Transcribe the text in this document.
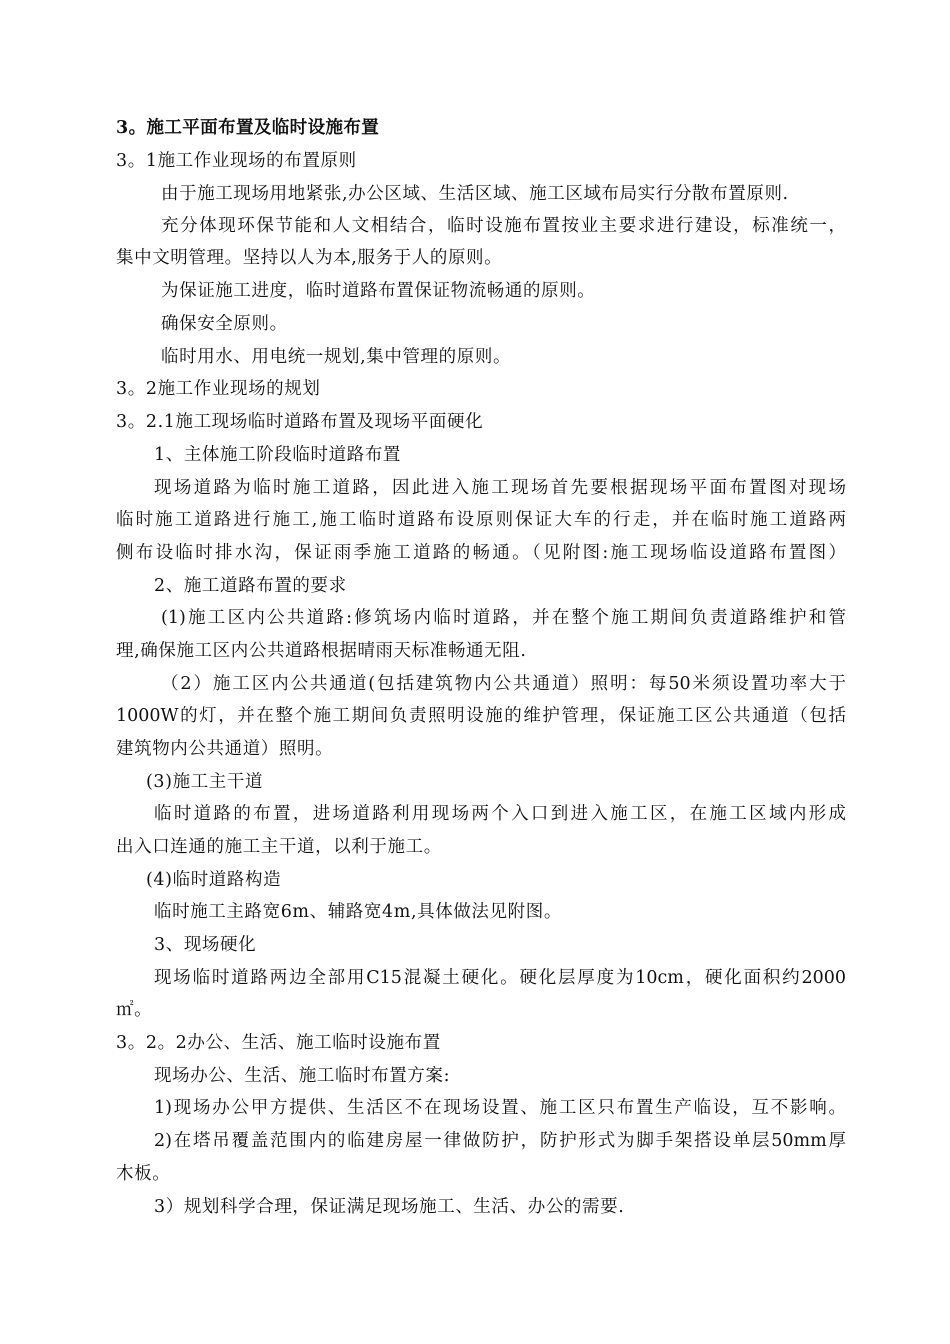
3。施工平面布置及临时设施布置
3。1施工作业现场的布置原则
由于施工现场用地紧张,办公区域、生活区域、施工区域布局实行分散布置原则.
充分体现环保节能和人文相结合，临时设施布置按业主要求进行建设，标准统一，
集中文明管理。坚持以人为本,服务于人的原则。
为保证施工进度，临时道路布置保证物流畅通的原则。
确保安全原则。
临时用水、用电统一规划,集中管理的原则。
3。2施工作业现场的规划
3。2.1施工现场临时道路布置及现场平面硬化
1、主体施工阶段临时道路布置
现场道路为临时施工道路，因此进入施工现场首先要根据现场平面布置图对现场
临时施工道路进行施工,施工临时道路布设原则保证大车的行走，并在临时施工道路两
侧布设临时排水沟，保证雨季施工道路的畅通。（见附图:施工现场临设道路布置图）
2、施工道路布置的要求
(1)施工区内公共道路:修筑场内临时道路，并在整个施工期间负责道路维护和管
理,确保施工区内公共道路根据晴雨天标准畅通无阻.
（2）施工区内公共通道(包括建筑物内公共通道）照明：每50米须设置功率大于
1000W的灯，并在整个施工期间负责照明设施的维护管理，保证施工区公共通道（包括
建筑物内公共通道）照明。
(3)施工主干道
临时道路的布置，进场道路利用现场两个入口到进入施工区，在施工区域内形成
出入口连通的施工主干道，以利于施工。
(4)临时道路构造
临时施工主路宽6m、辅路宽4m,具体做法见附图。
3、现场硬化
现场临时道路两边全部用C15混凝土硬化。硬化层厚度为10cm，硬化面积约2000
㎡。
3。2。2办公、生活、施工临时设施布置
现场办公、生活、施工临时布置方案:
1)现场办公甲方提供、生活区不在现场设置、施工区只布置生产临设，互不影响。
2)在塔吊覆盖范围内的临建房屋一律做防护，防护形式为脚手架搭设单层50mm厚
木板。
3）规划科学合理，保证满足现场施工、生活、办公的需要.
